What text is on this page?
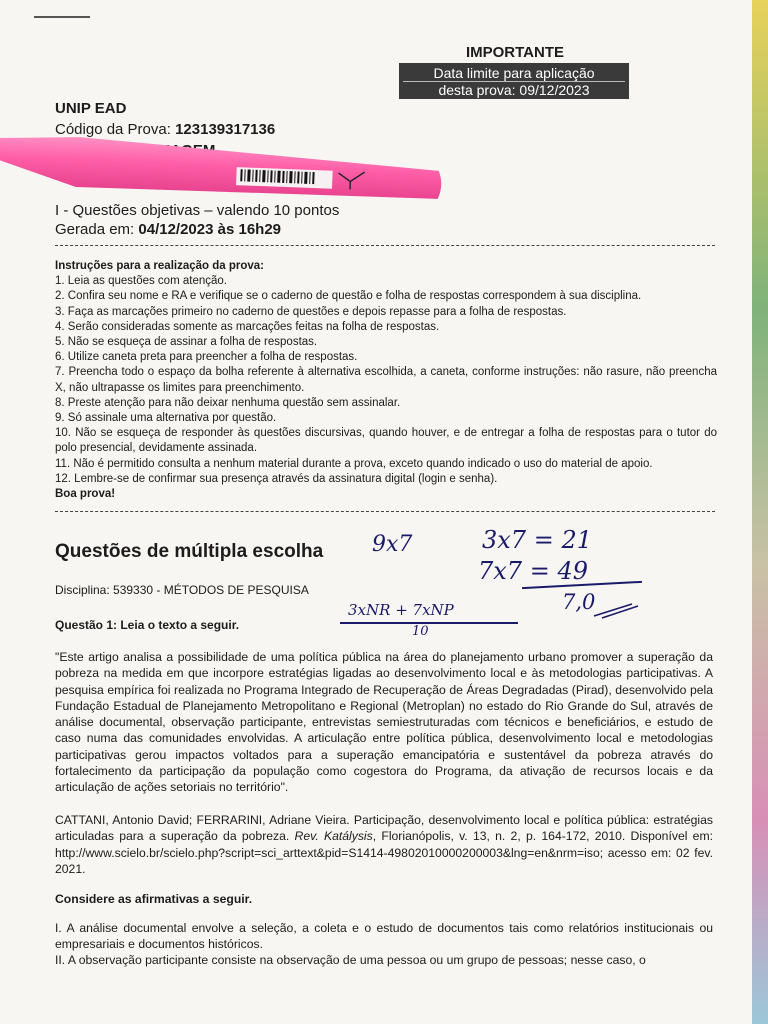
IMPORTANTE
Data limite para aplicação
desta prova: 09/12/2023
UNIP EAD
Código da Prova: 123139317136
I - Questões objetivas – valendo 10 pontos
Gerada em: 04/12/2023 às 16h29
Instruções para a realização da prova:
1. Leia as questões com atenção.
2. Confira seu nome e RA e verifique se o caderno de questão e folha de respostas correspondem à sua disciplina.
3. Faça as marcações primeiro no caderno de questões e depois repasse para a folha de respostas.
4. Serão consideradas somente as marcações feitas na folha de respostas.
5. Não se esqueça de assinar a folha de respostas.
6. Utilize caneta preta para preencher a folha de respostas.
7. Preencha todo o espaço da bolha referente à alternativa escolhida, a caneta, conforme instruções: não rasure, não preencha X, não ultrapasse os limites para preenchimento.
8. Preste atenção para não deixar nenhuma questão sem assinalar.
9. Só assinale uma alternativa por questão.
10. Não se esqueça de responder às questões discursivas, quando houver, e de entregar a folha de respostas para o tutor do polo presencial, devidamente assinada.
11. Não é permitido consulta a nenhum material durante a prova, exceto quando indicado o uso do material de apoio.
12. Lembre-se de confirmar sua presença através da assinatura digital (login e senha).
Boa prova!
Questões de múltipla escolha 9x7	3x7 = 21
7x7 = 49
7,0
3xNR + 7xNP
10
Disciplina: 539330 - MÉTODOS DE PESQUISA
Questão 1: Leia o texto a seguir.
"Este artigo analisa a possibilidade de uma política pública na área do planejamento urbano promover a superação da pobreza na medida em que incorpore estratégias ligadas ao desenvolvimento local e às metodologias participativas. A pesquisa empírica foi realizada no Programa Integrado de Recuperação de Áreas Degradadas (Pirad), desenvolvido pela Fundação Estadual de Planejamento Metropolitano e Regional (Metroplan) no estado do Rio Grande do Sul, através de análise documental, observação participante, entrevistas semiestruturadas com técnicos e beneficiários, e estudo de caso numa das comunidades envolvidas. A articulação entre política pública, desenvolvimento local e metodologias participativas gerou impactos voltados para a superação emancipatória e sustentável da pobreza através do fortalecimento da participação da população como cogestora do Programa, da ativação de recursos locais e da articulação de ações setoriais no território".
CATTANI, Antonio David; FERRARINI, Adriane Vieira. Participação, desenvolvimento local e política pública: estratégias articuladas para a superação da pobreza. Rev. Katálysis, Florianópolis, v. 13, n. 2, p. 164-172, 2010. Disponível em: http://www.scielo.br/scielo.php?script=sci_arttext&pid=S1414-49802010000200003&lng=en&nrm=iso; acesso em: 02 fev. 2021.
Considere as afirmativas a seguir.
I. A análise documental envolve a seleção, a coleta e o estudo de documentos tais como relatórios institucionais ou empresariais e documentos históricos.
II. A observação participante consiste na observação de uma pessoa ou um grupo de pessoas; nesse caso, o
